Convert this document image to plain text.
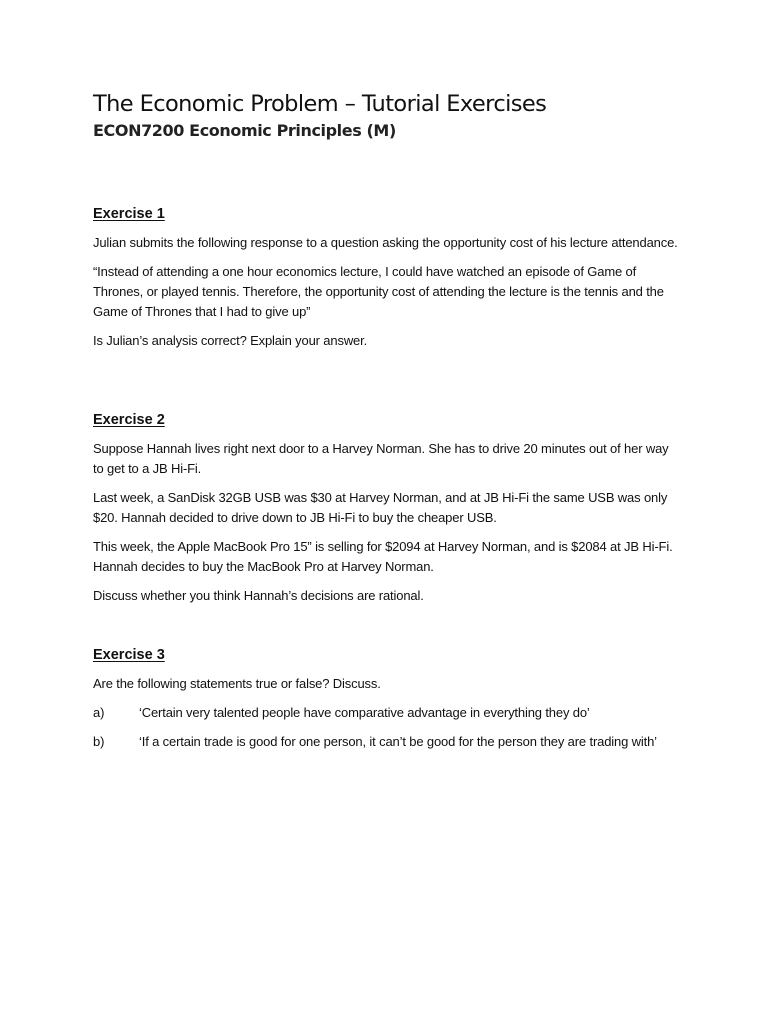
The Economic Problem – Tutorial Exercises
ECON7200 Economic Principles (M)
Exercise 1

Julian submits the following response to a question asking the opportunity cost of his lecture attendance.

“Instead of attending a one hour economics lecture, I could have watched an episode of Game of Thrones, or played tennis. Therefore, the opportunity cost of attending the lecture is the tennis and the Game of Thrones that I had to give up”

Is Julian’s analysis correct? Explain your answer.

Exercise 2

Suppose Hannah lives right next door to a Harvey Norman. She has to drive 20 minutes out of her way to get to a JB Hi-Fi.

Last week, a SanDisk 32GB USB was $30 at Harvey Norman, and at JB Hi-Fi the same USB was only $20. Hannah decided to drive down to JB Hi-Fi to buy the cheaper USB.

This week, the Apple MacBook Pro 15” is selling for $2094 at Harvey Norman, and is $2084 at JB Hi-Fi. Hannah decides to buy the MacBook Pro at Harvey Norman.

Discuss whether you think Hannah’s decisions are rational.

Exercise 3

Are the following statements true or false? Discuss.

a)	‘Certain very talented people have comparative advantage in everything they do’
b)	‘If a certain trade is good for one person, it can’t be good for the person they are trading with’
